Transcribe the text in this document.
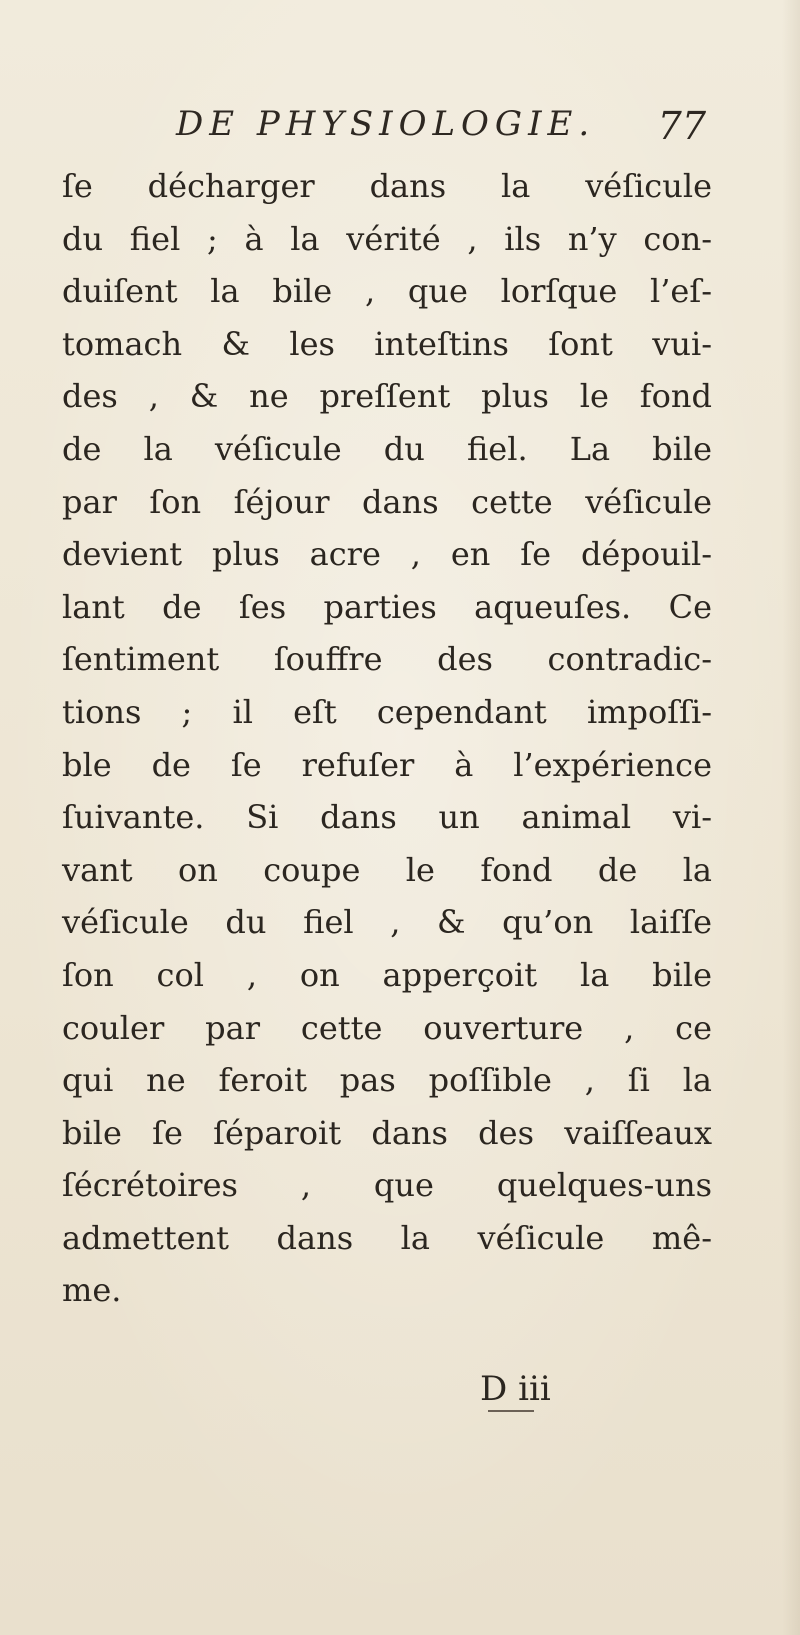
DE PHYSIOLOGIE. 77
ſe décharger dans la véſicule
du fiel ; à la vérité , ils n’y con-
duiſent la bile , que lorſque l’eſ-
tomach & les inteſtins ſont vui-
des , & ne preſſent plus le fond
de la véſicule du fiel. La bile
par ſon ſéjour dans cette véſicule
devient plus acre , en ſe dépouil-
lant de ſes parties aqueuſes. Ce
ſentiment ſouffre des contradic-
tions ; il eſt cependant impoſſi-
ble de ſe refuſer à l’expérience
ſuivante. Si dans un animal vi-
vant on coupe le fond de la
véſicule du fiel , & qu’on laiſſe
ſon col , on apperçoit la bile
couler par cette ouverture , ce
qui ne feroit pas poſſible , ſi la
bile ſe ſéparoit dans des vaiſſeaux
ſécrétoires , que quelques-uns
admettent dans la véſicule mê-
me.
D iii
